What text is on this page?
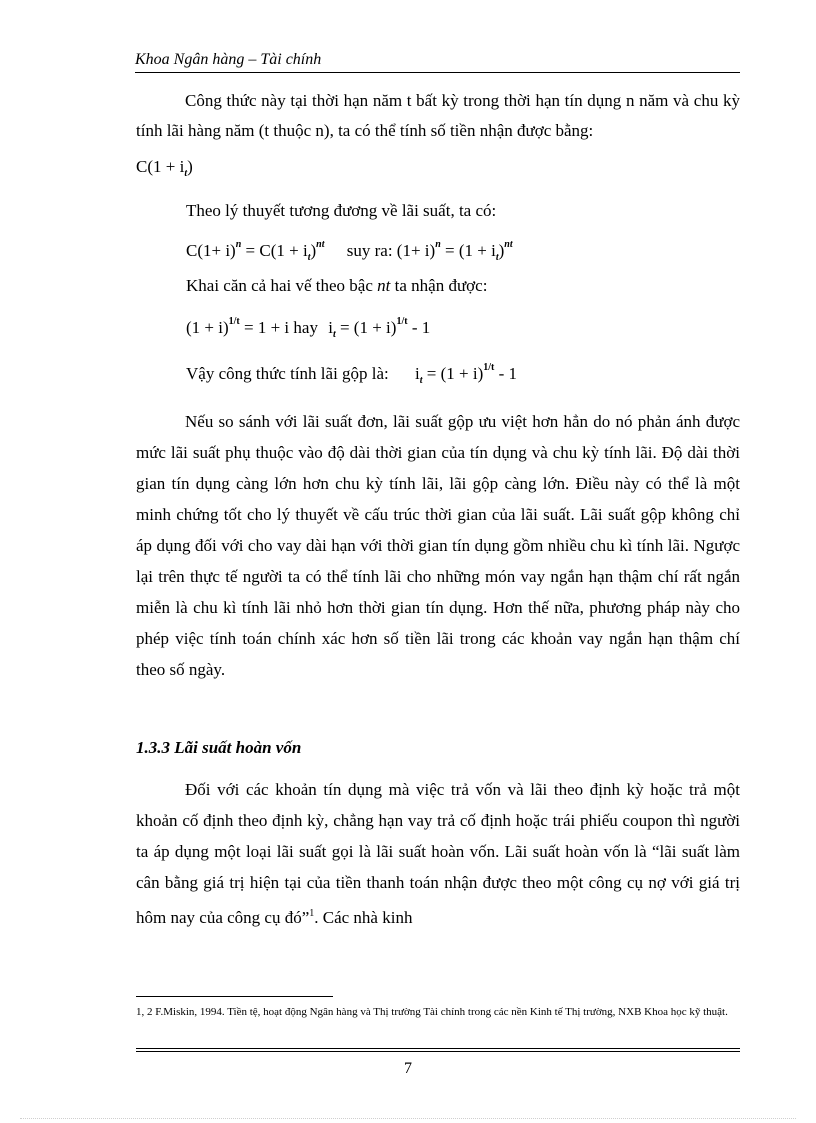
Khoa Ngân hàng – Tài chính

Công thức này tại thời hạn năm t bất kỳ trong thời hạn tín dụng n năm và chu kỳ tính lãi hàng năm (t thuộc n), ta có thể tính số tiền nhận được bằng:

$C(1 + i_t)$

Theo lý thuyết tương đương về lãi suất, ta có:

$C(1+ i)^n = C(1 + i_t)^{nt}$ suy ra: $(1+ i)^n = (1 + i_t)^{nt}$
Khai căn cả hai vế theo bậc nt ta nhận được:
$(1 + i)^{1/t} = 1 + i$ hay $i_t = (1 + i)^{1/t} - 1$
Vậy công thức tính lãi gộp là: $i_t = (1 + i)^{1/t} - 1$

Nếu so sánh với lãi suất đơn, lãi suất gộp ưu việt hơn hẳn do nó phản ánh được mức lãi suất phụ thuộc vào độ dài thời gian của tín dụng và chu kỳ tính lãi. Độ dài thời gian tín dụng càng lớn hơn chu kỳ tính lãi, lãi gộp càng lớn. Điều này có thể là một minh chứng tốt cho lý thuyết về cấu trúc thời gian của lãi suất. Lãi suất gộp không chỉ áp dụng đối với cho vay dài hạn với thời gian tín dụng gồm nhiều chu kì tính lãi. Ngược lại trên thực tế người ta có thể tính lãi cho những món vay ngắn hạn thậm chí rất ngắn miễn là chu kì tính lãi nhỏ hơn thời gian tín dụng. Hơn thế nữa, phương pháp này cho phép việc tính toán chính xác hơn số tiền lãi trong các khoản vay ngắn hạn thậm chí theo số ngày.

1.3.3 Lãi suất hoàn vốn

Đối với các khoản tín dụng mà việc trả vốn và lãi theo định kỳ hoặc trả một khoản cố định theo định kỳ, chẳng hạn vay trả cố định hoặc trái phiếu coupon thì người ta áp dụng một loại lãi suất gọi là lãi suất hoàn vốn. Lãi suất hoàn vốn là “lãi suất làm cân bằng giá trị hiện tại của tiền thanh toán nhận được theo một công cụ nợ với giá trị hôm nay của công cụ đó”$^1$. Các nhà kinh

1, 2 F.Miskin, 1994. Tiền tệ, hoạt động Ngân hàng và Thị trường Tài chính trong các nền Kinh tế Thị trường, NXB Khoa học kỹ thuật.
7
